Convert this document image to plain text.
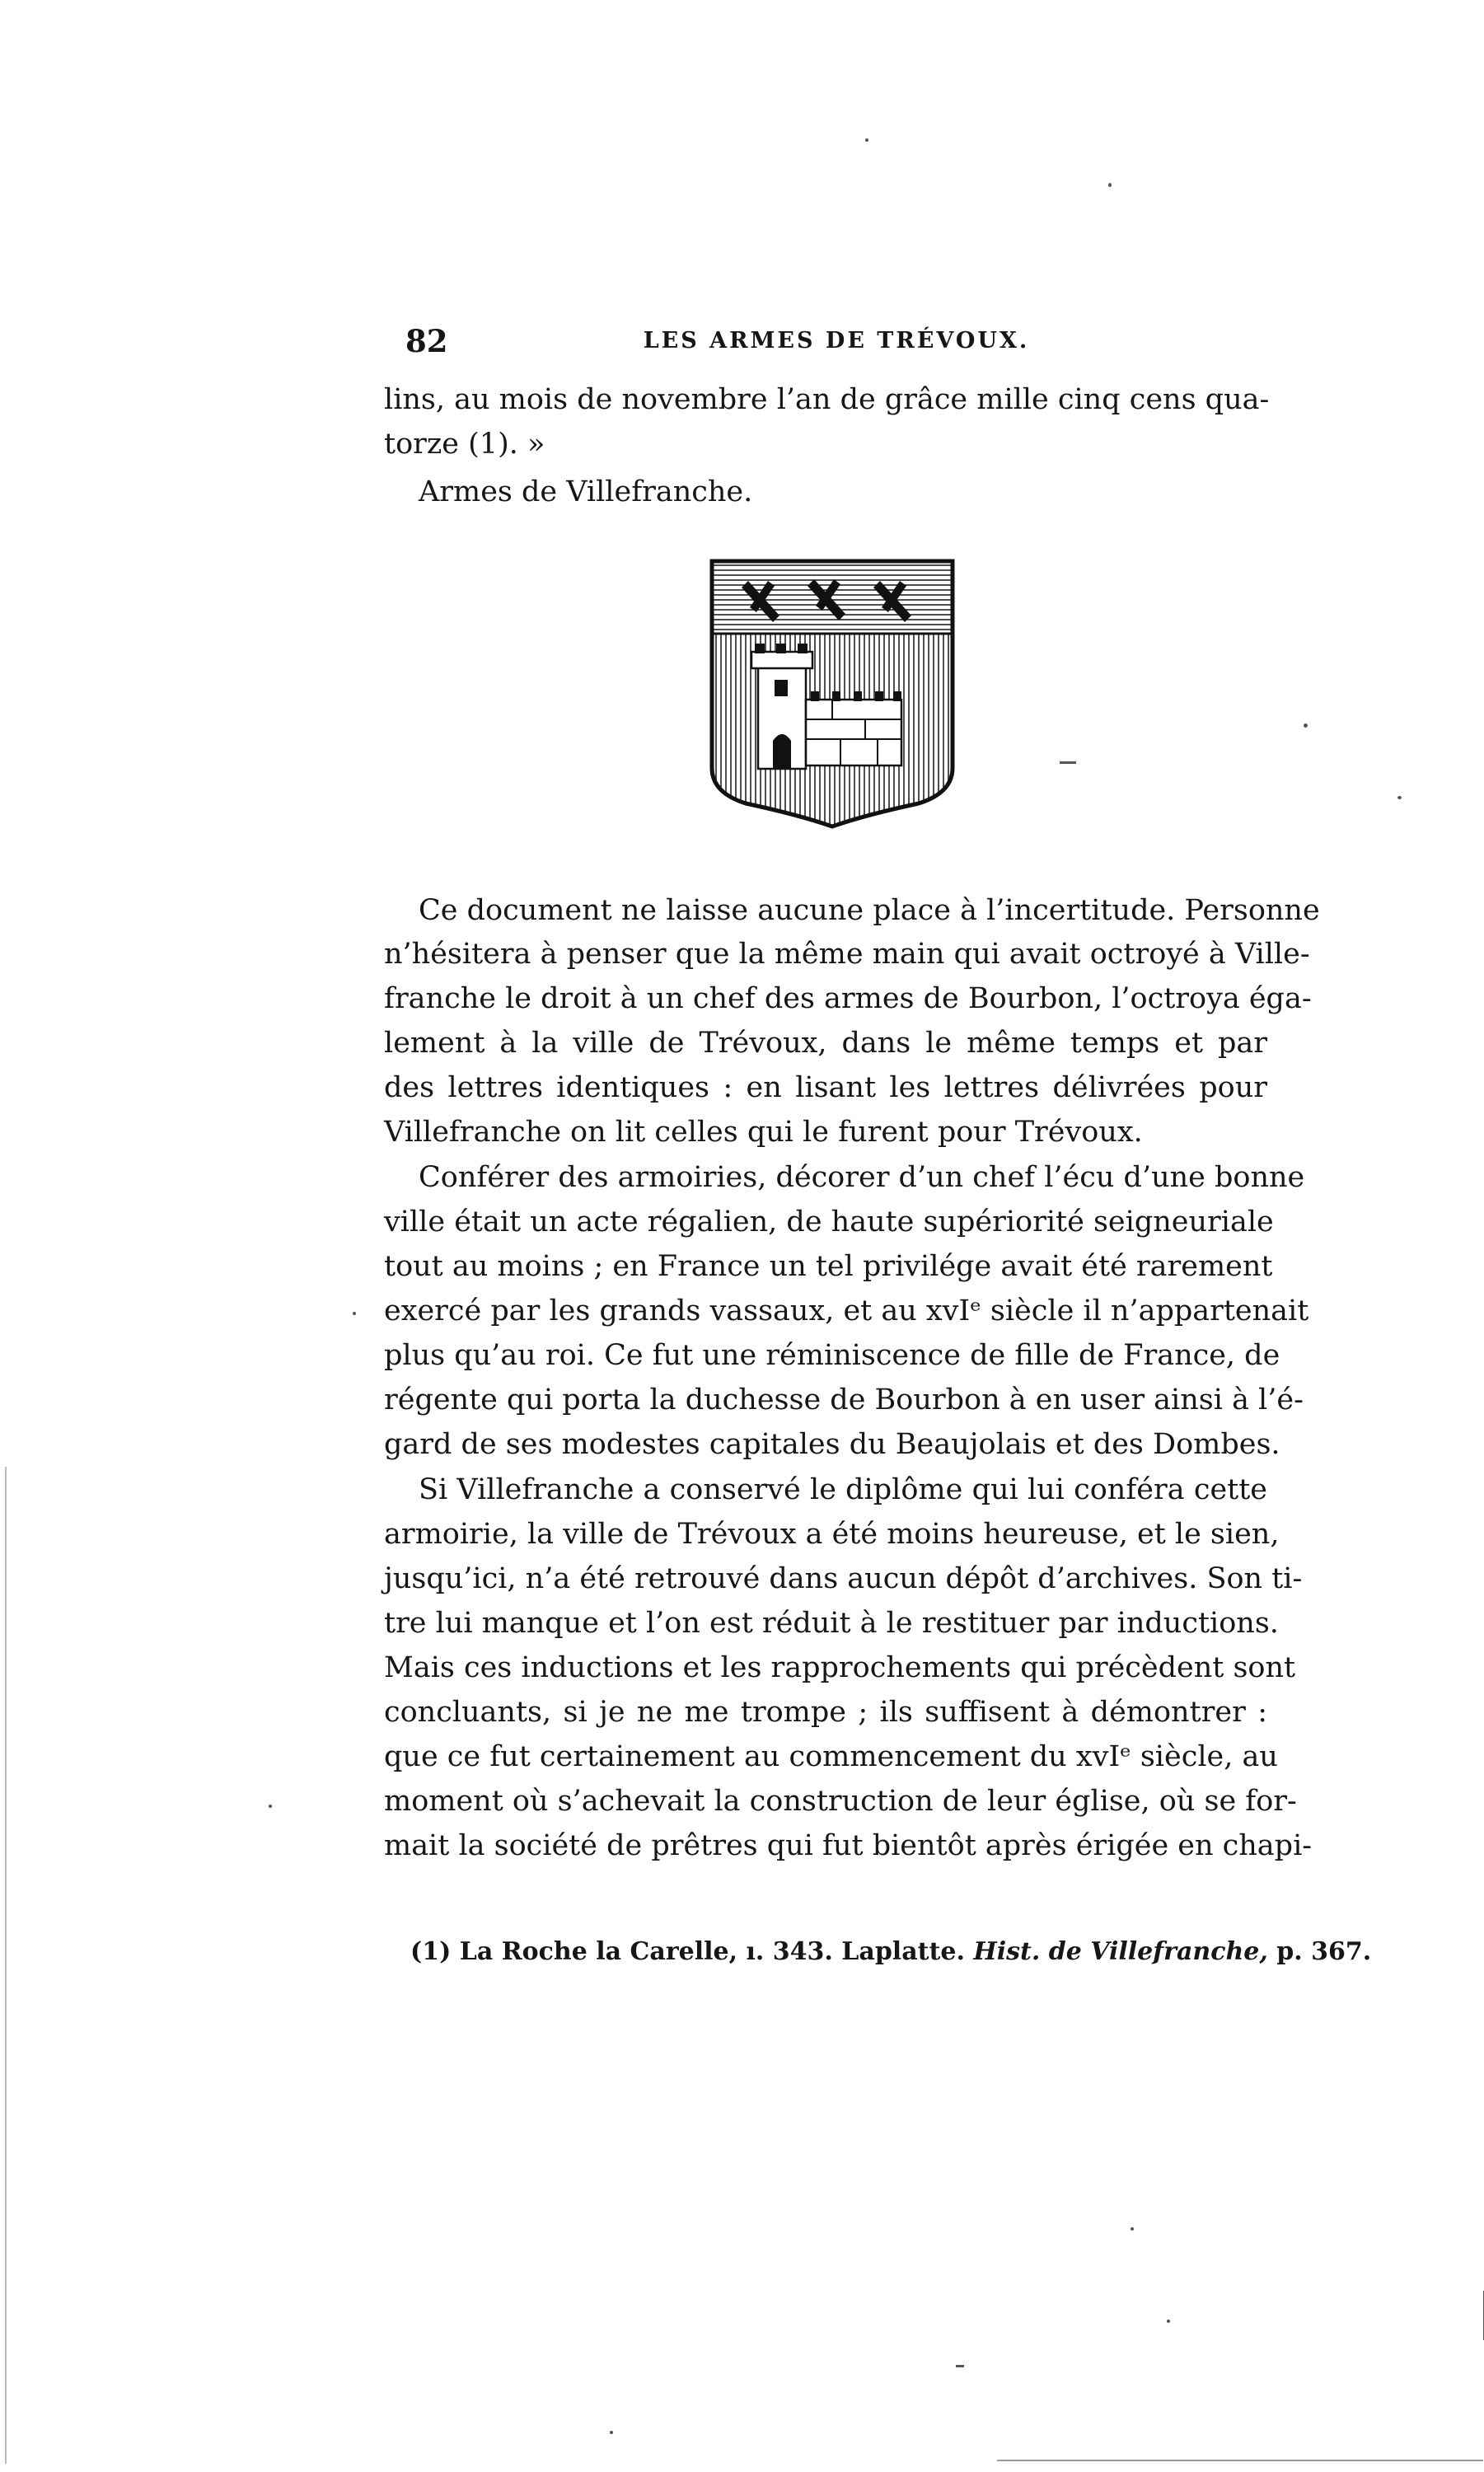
82	LES ARMES DE TRÉVOUX.
lins, au mois de novembre l’an de grâce mille cinq cens qua-
torze (1). »
Armes de Villefranche.
Ce document ne laisse aucune place à l’incertitude. Personne
n’hésitera à penser que la même main qui avait octroyé à Ville-
franche le droit à un chef des armes de Bourbon, l’octroya éga-
lement à la ville de Trévoux, dans le même temps et par
des lettres identiques : en lisant les lettres délivrées pour
Villefranche on lit celles qui le furent pour Trévoux.
Conférer des armoiries, décorer d’un chef l’écu d’une bonne
ville était un acte régalien, de haute supériorité seigneuriale
tout au moins ; en France un tel privilége avait été rarement
exercé par les grands vassaux, et au xvIᵉ siècle il n’appartenait
plus qu’au roi. Ce fut une réminiscence de fille de France, de
régente qui porta la duchesse de Bourbon à en user ainsi à l’é-
gard de ses modestes capitales du Beaujolais et des Dombes.
Si Villefranche a conservé le diplôme qui lui conféra cette
armoirie, la ville de Trévoux a été moins heureuse, et le sien,
jusqu’ici, n’a été retrouvé dans aucun dépôt d’archives. Son ti-
tre lui manque et l’on est réduit à le restituer par inductions.
Mais ces inductions et les rapprochements qui précèdent sont
concluants, si je ne me trompe ; ils suffisent à démontrer :
que ce fut certainement au commencement du xvIᵉ siècle, au
moment où s’achevait la construction de leur église, où se for-
mait la société de prêtres qui fut bientôt après érigée en chapi-
(1) La Roche la Carelle, ı. 343. Laplatte. Hist. de Villefranche, p. 367.
